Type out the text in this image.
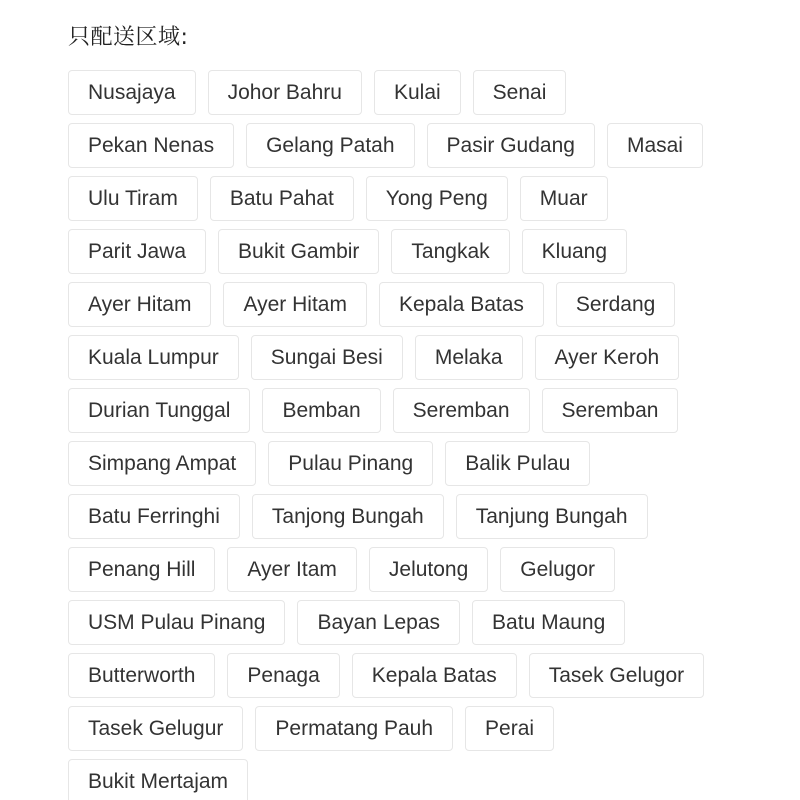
只配送区域:
Nusajaya	Johor Bahru	Kulai	Senai
Pekan Nenas	Gelang Patah	Pasir Gudang	Masai
Ulu Tiram	Batu Pahat	Yong Peng	Muar
Parit Jawa	Bukit Gambir	Tangkak	Kluang
Ayer Hitam	Ayer Hitam	Kepala Batas	Serdang
Kuala Lumpur	Sungai Besi	Melaka	Ayer Keroh
Durian Tunggal	Bemban	Seremban	Seremban
Simpang Ampat	Pulau Pinang	Balik Pulau
Batu Ferringhi	Tanjong Bungah	Tanjung Bungah
Penang Hill	Ayer Itam	Jelutong	Gelugor
USM Pulau Pinang	Bayan Lepas	Batu Maung
Butterworth	Penaga	Kepala Batas	Tasek Gelugor
Tasek Gelugur	Permatang Pauh	Perai
Bukit Mertajam
